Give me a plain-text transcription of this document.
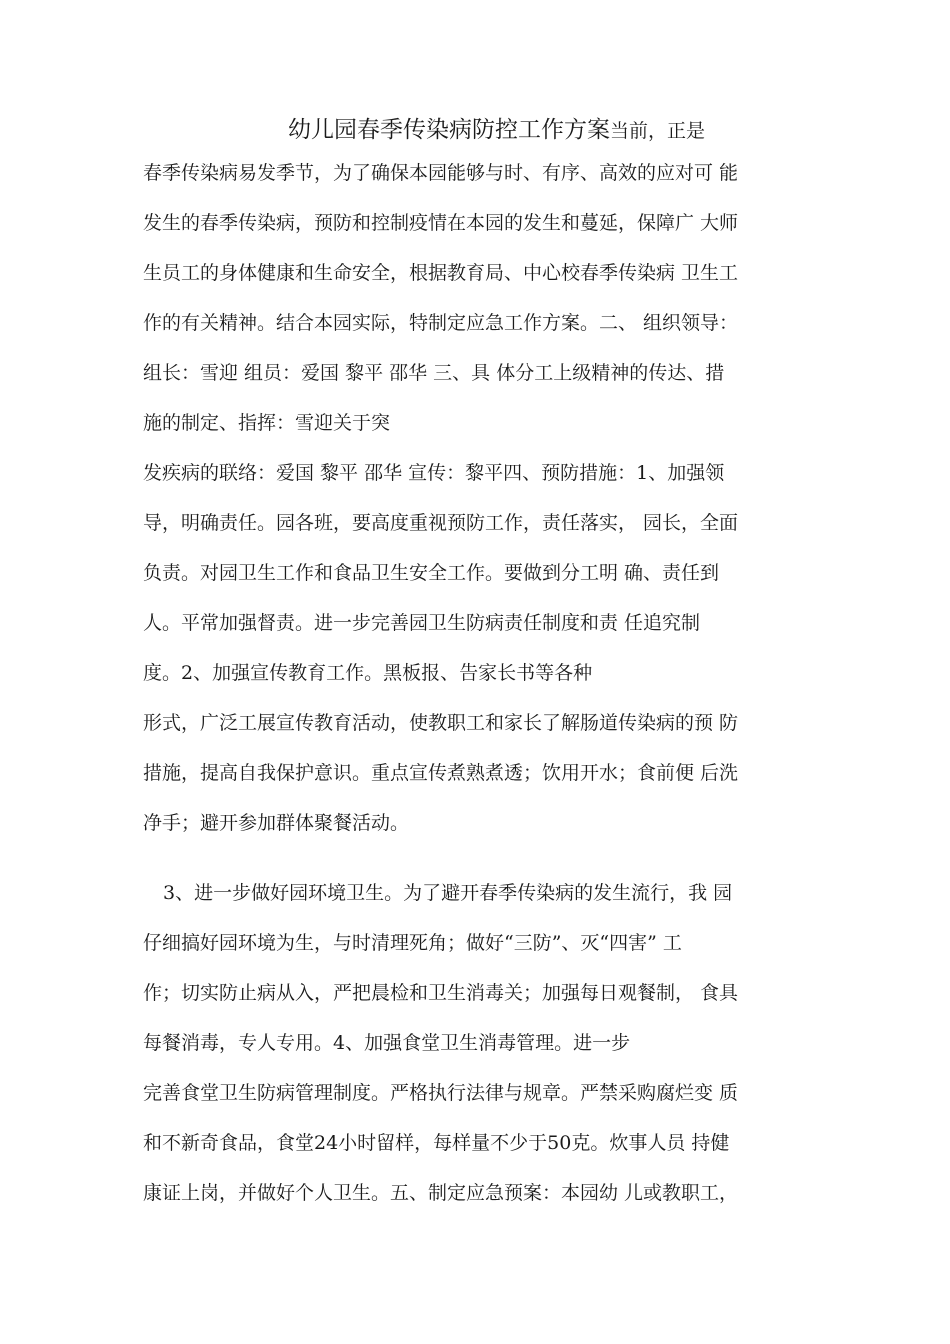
幼儿园春季传染病防控工作方案当前，正是
春季传染病易发季节，为了确保本园能够与时、有序、高效的应对可 能
发生的春季传染病，预防和控制疫情在本园的发生和蔓延，保障广 大师
生员工的身体健康和生命安全，根据教育局、中心校春季传染病 卫生工
作的有关精神。结合本园实际，特制定应急工作方案。二、 组织领导：
组长：雪迎 组员：爱国 黎平 邵华 三、具 体分工上级精神的传达、措
施的制定、指挥：雪迎关于突
发疾病的联络：爱国 黎平 邵华 宣传：黎平四、预防措施：1、加强领
导，明确责任。园各班，要高度重视预防工作，责任落实， 园长，全面
负责。对园卫生工作和食品卫生安全工作。要做到分工明 确、责任到
人。平常加强督责。进一步完善园卫生防病责任制度和责 任追究制
度。2、加强宣传教育工作。黑板报、告家长书等各种
形式，广泛工展宣传教育活动，使教职工和家长了解肠道传染病的预 防
措施，提高自我保护意识。重点宣传煮熟煮透；饮用开水；食前便 后洗
净手；避开参加群体聚餐活动。
3、进一步做好园环境卫生。为了避开春季传染病的发生流行，我 园
仔细搞好园环境为生，与时清理死角；做好“三防”、灭“四害” 工
作；切实防止病从入，严把晨检和卫生消毒关；加强每日观餐制， 食具
每餐消毒，专人专用。4、加强食堂卫生消毒管理。进一步
完善食堂卫生防病管理制度。严格执行法律与规章。严禁采购腐烂变 质
和不新奇食品，食堂24小时留样，每样量不少于50克。炊事人员 持健
康证上岗，并做好个人卫生。五、制定应急预案：本园幼 儿或教职工，
